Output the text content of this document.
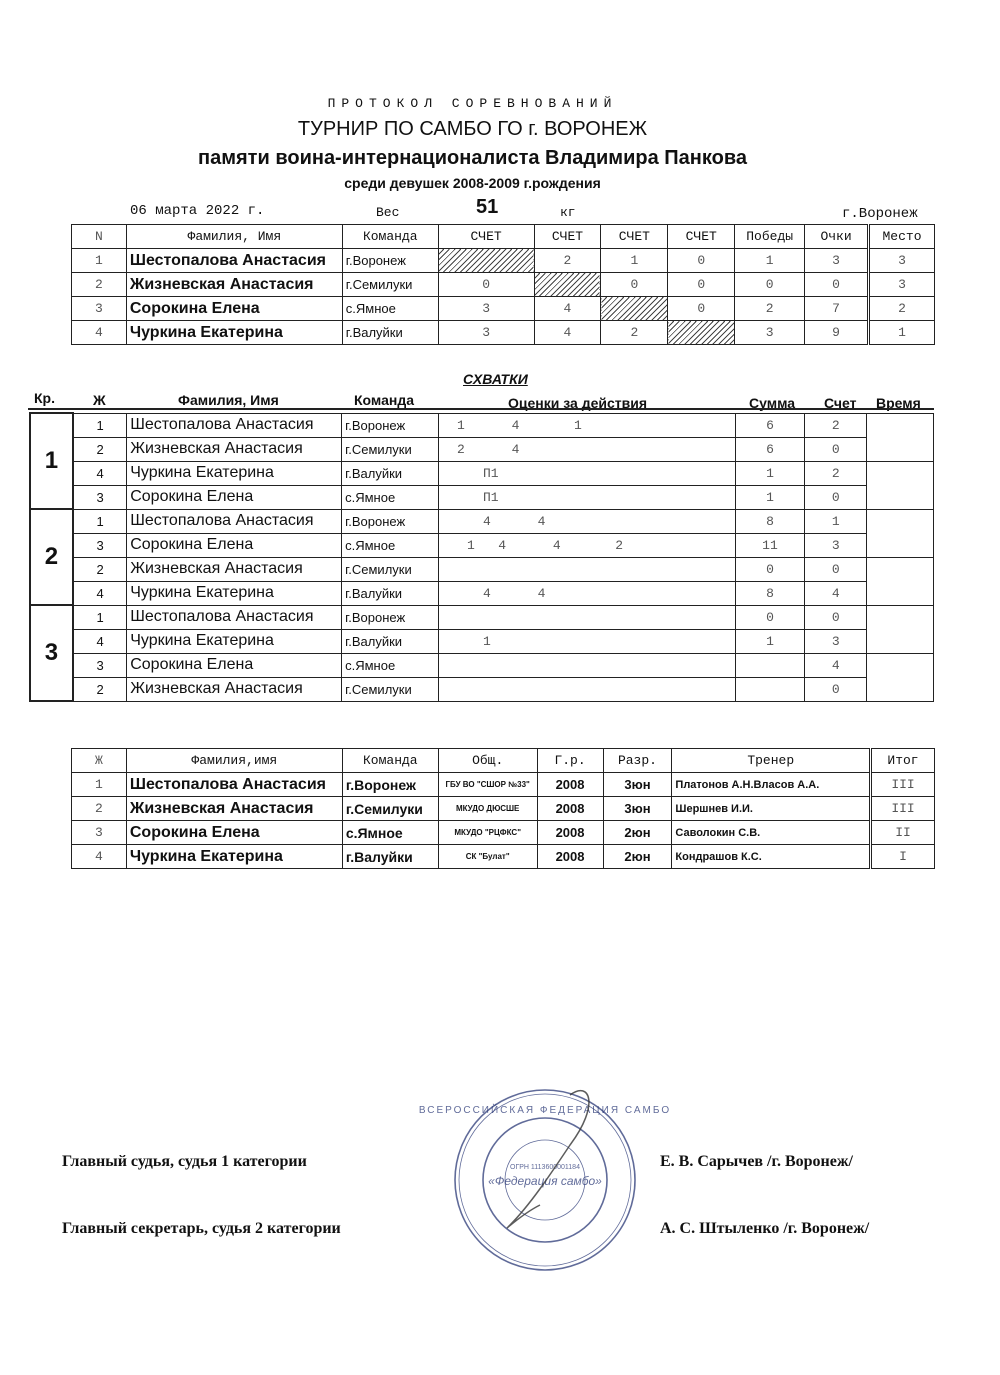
ПРОТОКОЛ СОРЕВНОВАНИЙ
ТУРНИР ПО САМБО ГО г. ВОРОНЕЖ
памяти воина-интернационалиста Владимира Панкова
среди девушек 2008-2009 г.рождения
06 марта 2022 г.	Вес	51	кг	г.Воронеж
N	Фамилия, Имя	Команда	СЧЕТ	СЧЕТ	СЧЕТ	СЧЕТ	Победы	Очки	Место
1	Шестопалова Анастасия	г.Воронеж		2	1	0	1	3	3
2	Жизневская Анастасия	г.Семилуки	0		0	0	0	0	3
3	Сорокина Елена	с.Ямное	3	4		0	2	7	2
4	Чуркина Екатерина	г.Валуйки	3	4	2		3	9	1
СХВАТКИ
Кр.	Ж	Фамилия, Имя	Команда	Оценки за действия	Сумма Счет Время
1	1	Шестопалова Анастасия	г.Воронеж	1      4       1	6	2	
	2	Жизневская Анастасия	г.Семилуки	2      4	6	0	
	4	Чуркина Екатерина	г.Валуйки	П1	1	2	
	3	Сорокина Елена	с.Ямное	П1	1	0	
2	1	Шестопалова Анастасия	г.Воронеж	4      4	8	1	
	3	Сорокина Елена	с.Ямное	1   4      4       2	11	3	
	2	Жизневская Анастасия	г.Семилуки		0	0	
	4	Чуркина Екатерина	г.Валуйки	4      4	8	4	
3	1	Шестопалова Анастасия	г.Воронеж		0	0	
	4	Чуркина Екатерина	г.Валуйки	1	1	3	
	3	Сорокина Елена	с.Ямное			4	
	2	Жизневская Анастасия	г.Семилуки			0	
Ж	Фамилия,имя	Команда	Общ.	Г.р.	Разр.	Тренер	Итог
1	Шестопалова Анастасия	г.Воронеж	ГБУ ВО "СШОР №33"	2008	3юн	Платонов А.Н.Власов А.А.	III
2	Жизневская Анастасия	г.Семилуки	МКУДО ДЮСШЕ	2008	3юн	Шершнев И.И.	III
3	Сорокина Елена	с.Ямное	МКУДО "РЦФКС"	2008	2юн	Саволокин С.В.	II
4	Чуркина Екатерина	г.Валуйки	СК "Булат"	2008	2юн	Кондрашов К.С.	I
Главный судья, судья 1 категории	Е. В. Сарычев /г. Воронеж/
Главный секретарь, судья 2 категории	А. С. Штыленко /г. Воронеж/
ОГРН 1113600001184
«Федерация самбо»
ВСЕРОССИЙСКАЯ ФЕДЕРАЦИЯ САМБО
